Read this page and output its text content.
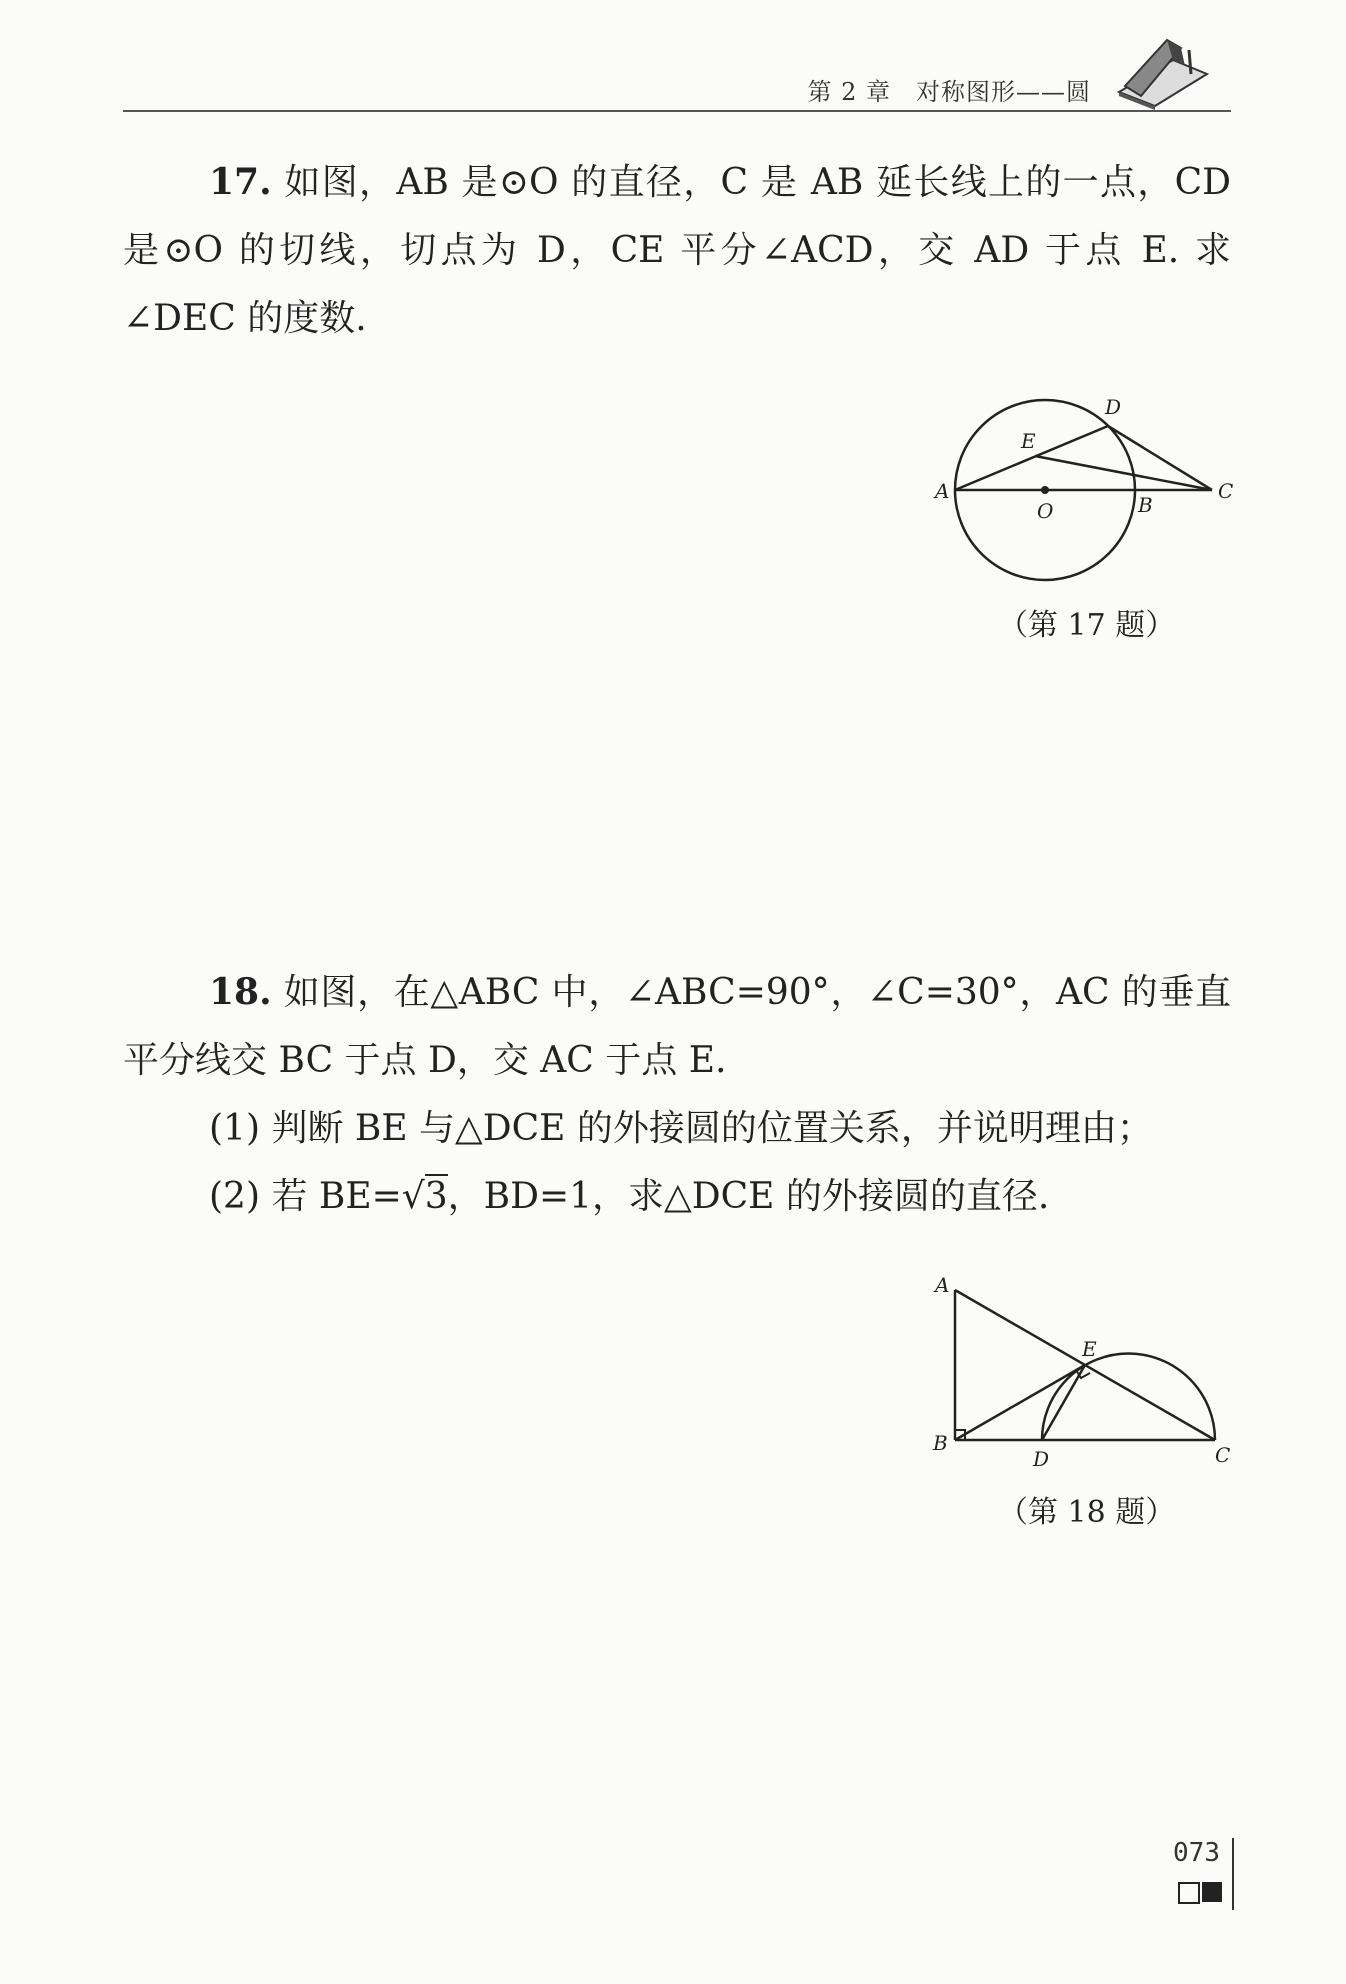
第 2 章　对称图形——圆

17. 如图，AB 是⊙O 的直径，C 是 AB 延长线上的一点，CD 是⊙O 的切线，切点为 D，CE 平分∠ACD，交 AD 于点 E. 求∠DEC 的度数.

A
O	B
C
D
E
（第 17 题）

18. 如图，在△ABC 中，∠ABC=90°，∠C=30°，AC 的垂直平分线交 BC 于点 D，交 AC 于点 E.

(1) 判断 BE 与△DCE 的外接圆的位置关系，并说明理由；

(2) 若 BE=√3，BD=1，求△DCE 的外接圆的直径.

A
B
D	C
E
（第 18 题）
073
